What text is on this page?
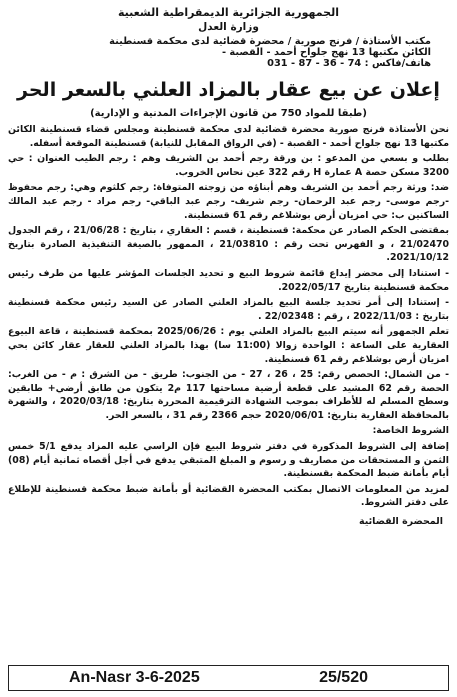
الجمهورية الجزائرية الديمقراطية الشعبية
وزارة العدل
مكتب الأستاذة / فرنج صورية / محضرة قضائية لدى محكمة قسنطينة
الكائن مكتبها 13 نهج جلواح أحمد - القصبة -
هاتف/فاكس : 74 - 36 - 87 - 031
إعلان عن بيع عقار بالمزاد العلني بالسعر الحر
(طبقا للمواد 750 من قانون الإجراءات المدنية و الإدارية)

نحن الأستاذة فرنج صورية محضرة قضائية لدى محكمة قسنطينة ومجلس قضاء قسنطينة الكائن مكتبها 13 نهج جلواح أحمد - القصبة - (في الرواق المقابل للنيابة) قسنطينة الموقعة أسفله.

بطلب و بسعي من المدعو : بن ورقة رجم أحمد بن الشريف وهم : رجم الطيب العنوان : حي 3200 مسكن حصة A عمارة H رقم 322 عين نحاس الخروب.

ضد: ورثة رجم أحمد بن الشريف وهم أبناؤه من زوجته المتوفاة: رجم كلثوم وهي: رجم محفوظ -رجم موسى- رجم عبد الرحمان- رجم شريف- رجم عبد الباقي- رجم مراد - رجم عبد المالك الساكنين ب: حي امزيان أرض بوشلاغم رقم 61 قسنطينة.

بمقتضى الحكم الصادر عن محكمة: قسنطينة ، قسم : العقاري ، بتاريخ : 21/06/28 ، رقم الجدول 21/02470 ، و الفهرس تحت رقم : 21/03810 ، الممهور بالصيغة التنفيذية الصادرة بتاريخ 2021/10/12.

- استنادا إلى محضر إيداع قائمة شروط البيع و تحديد الجلسات المؤشر عليها من طرف رئيس محكمة قسنطينة بتاريخ 2022/05/17.

- إستنادا إلى أمر تحديد جلسة البيع بالمزاد العلني الصادر عن السيد رئيس محكمة قسنطينة بتاريخ : 2022/11/03 ، رقم : 22/02348 .

تعلم الجمهور أنه سيتم البيع بالمزاد العلني يوم : 2025/06/26 بمحكمة قسنطينة ، قاعة البيوع العقارية على الساعة : الواحدة زوالا (11:00 سا) بهذا بالمزاد العلني للعقار عقار كائن بحي امزيان أرض بوشلاغم رقم 61 قسنطينة.

- من الشمال: الحصص رقم: 25 ، 26 ، 27 - من الجنوب: طريق - من الشرق : م - من الغرب: الحصة رقم 62 المشيد على قطعة أرضية مساحتها 117 م2 يتكون من طابق أرضي+ طابقين وسطح المسلم له للأطراف بموجب الشهادة الترقيمية المحررة بتاريخ: 2020/03/18 ، والشهرة بالمحافظة العقارية بتاريخ: 2020/06/01 حجم 2366 رقم 31 ، بالسعر الحر.

الشروط الخاصة:

إضافة إلى الشروط المذكورة في دفتر شروط البيع فإن الراسي عليه المزاد يدفع 5/1 خمس الثمن و المستحقات من مصاريف و رسوم و المبلغ المتبقي يدفع في أجل أقصاه ثمانية أيام (08) أيام بأمانة ضبط المحكمة بقسنطينة.

لمزيد من المعلومات الاتصال بمكتب المحضرة القضائية أو بأمانة ضبط محكمة قسنطينة للإطلاع على دفتر الشروط.

المحضرة القضائية
An-Nasr 3-6-2025	25/520
